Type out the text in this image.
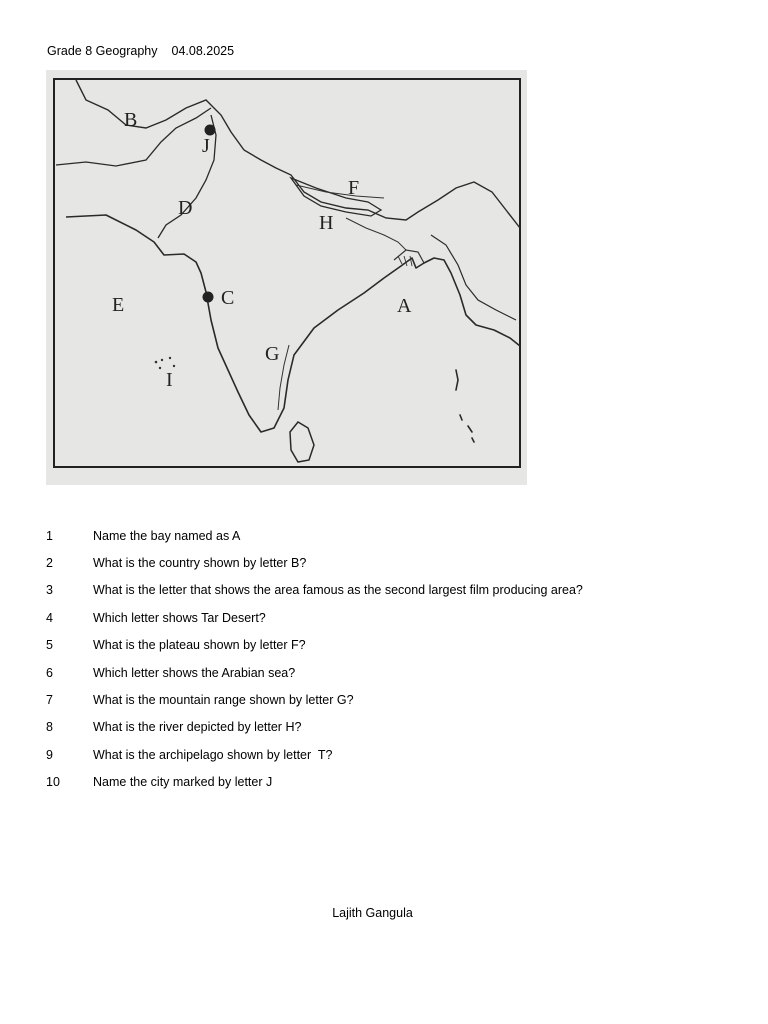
Grade 8 Geography 04.08.2025
B
J
F
D
H
C
E	A
G
I
1	Name the bay named as A
2	What is the country shown by letter B?
3	What is the letter that shows the area famous as the second largest film producing area?
4	Which letter shows Tar Desert?
5	What is the plateau shown by letter F?
6	Which letter shows the Arabian sea?
7	What is the mountain range shown by letter G?
8	What is the river depicted by letter H?
9	What is the archipelago shown by letter  T?
10	Name the city marked by letter J
Lajith Gangula
